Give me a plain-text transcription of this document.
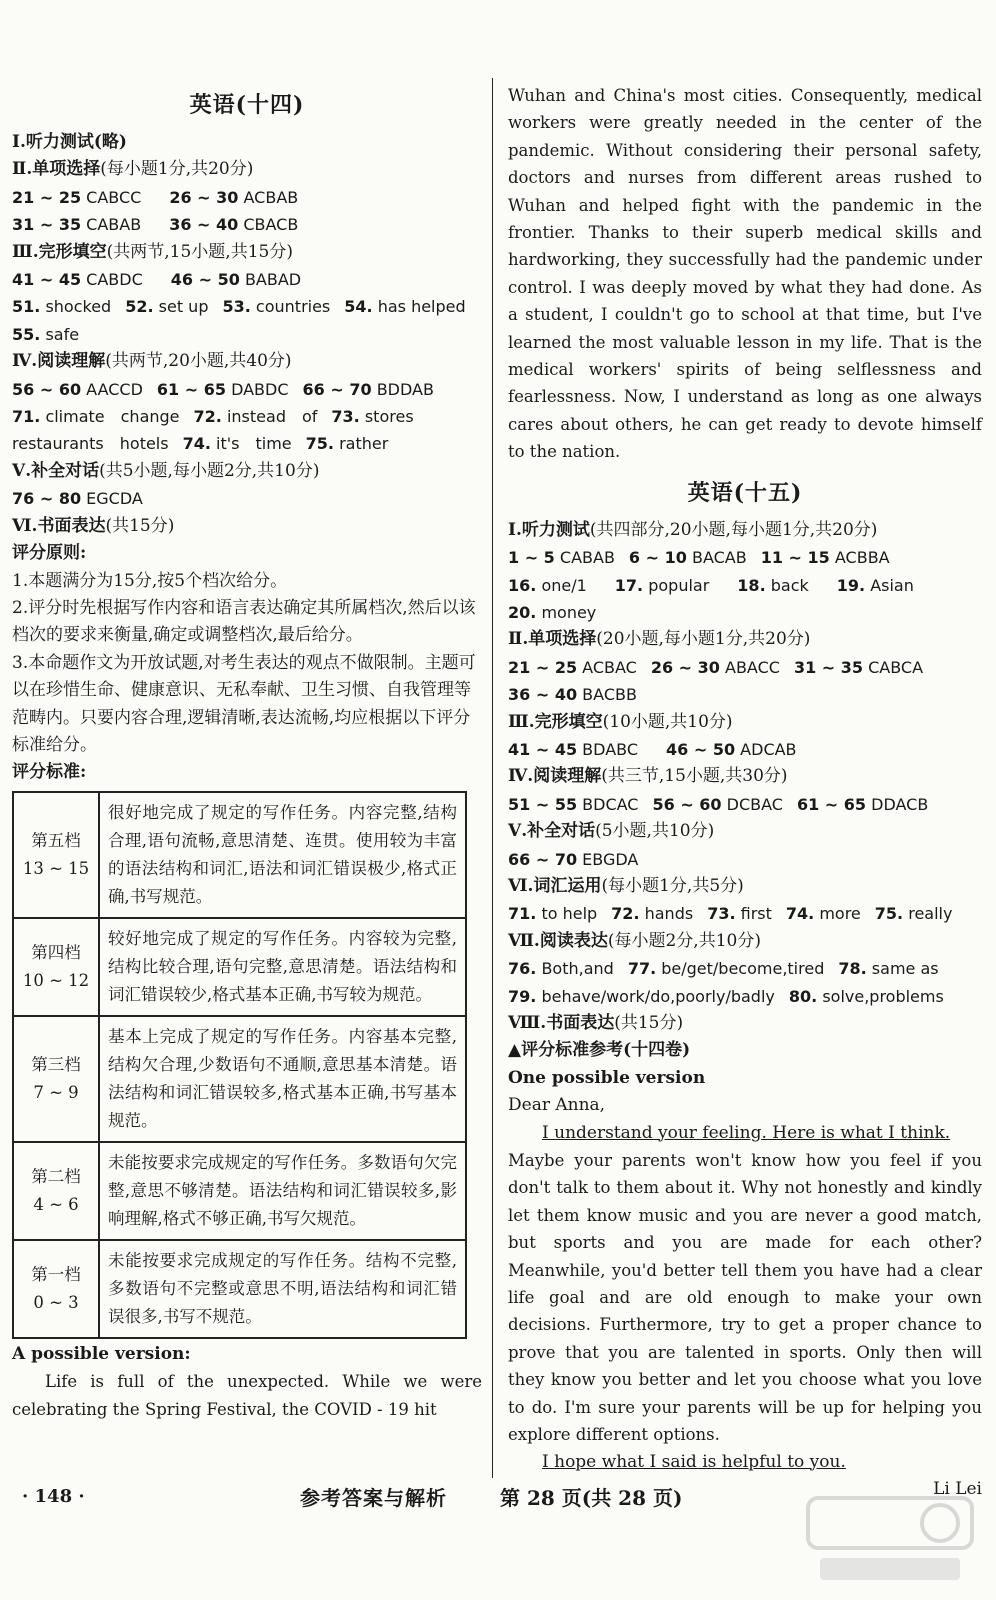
英语(十四)
Ⅰ.听力测试(略)
Ⅱ.单项选择(每小题1分,共20分)
21 ~ 25 CABCC 26 ~ 30 ACBAB
31 ~ 35 CABAB 36 ~ 40 CBACB
Ⅲ.完形填空(共两节,15小题,共15分)
41 ~ 45 CABDC 46 ~ 50 BABAD
51. shocked 52. set up 53. countries 54. has helped
55. safe
Ⅳ.阅读理解(共两节,20小题,共40分)
56 ~ 60 AACCD 61 ~ 65 DABDC 66 ~ 70 BDDAB
71. climate　change 72. instead　of 73. stores
restaurants　hotels 74. it's　time 75. rather
Ⅴ.补全对话(共5小题,每小题2分,共10分)
76 ~ 80 EGCDA
Ⅵ.书面表达(共15分)
评分原则:
1.本题满分为15分,按5个档次给分。
2.评分时先根据写作内容和语言表达确定其所属档次,然后以该档次的要求来衡量,确定或调整档次,最后给分。
3.本命题作文为开放试题,对考生表达的观点不做限制。主题可以在珍惜生命、健康意识、无私奉献、卫生习惯、自我管理等范畴内。只要内容合理,逻辑清晰,表达流畅,均应根据以下评分标准给分。
评分标准:
第五档
13 ~ 15	很好地完成了规定的写作任务。内容完整,结构合理,语句流畅,意思清楚、连贯。使用较为丰富的语法结构和词汇,语法和词汇错误极少,格式正确,书写规范。

第四档
10 ~ 12	较好地完成了规定的写作任务。内容较为完整,结构比较合理,语句完整,意思清楚。语法结构和词汇错误较少,格式基本正确,书写较为规范。

第三档
7 ~ 9	基本上完成了规定的写作任务。内容基本完整,结构欠合理,少数语句不通顺,意思基本清楚。语法结构和词汇错误较多,格式基本正确,书写基本规范。

第二档
4 ~ 6	未能按要求完成规定的写作任务。多数语句欠完整,意思不够清楚。语法结构和词汇错误较多,影响理解,格式不够正确,书写欠规范。

第一档
0 ~ 3	未能按要求完成规定的写作任务。结构不完整,多数语句不完整或意思不明,语法结构和词汇错误很多,书写不规范。
A possible version:
Life is full of the unexpected. While we were celebrating the Spring Festival, the COVID - 19 hit
Wuhan and China's most cities. Consequently, medical workers were greatly needed in the center of the pandemic. Without considering their personal safety, doctors and nurses from different areas rushed to Wuhan and helped fight with the pandemic in the frontier. Thanks to their superb medical skills and hardworking, they successfully had the pandemic under control. I was deeply moved by what they had done. As a student, I couldn't go to school at that time, but I've learned the most valuable lesson in my life. That is the medical workers' spirits of being selflessness and fearlessness. Now, I understand as long as one always cares about others, he can get ready to devote himself to the nation.
英语(十五)
Ⅰ.听力测试(共四部分,20小题,每小题1分,共20分)
1 ~ 5 CABAB 6 ~ 10 BACAB 11 ~ 15 ACBBA
16. one/1 17. popular 18. back 19. Asian
20. money
Ⅱ.单项选择(20小题,每小题1分,共20分)
21 ~ 25 ACBAC 26 ~ 30 ABACC 31 ~ 35 CABCA
36 ~ 40 BACBB
Ⅲ.完形填空(10小题,共10分)
41 ~ 45 BDABC 46 ~ 50 ADCAB
Ⅳ.阅读理解(共三节,15小题,共30分)
51 ~ 55 BDCAC 56 ~ 60 DCBAC 61 ~ 65 DDACB
Ⅴ.补全对话(5小题,共10分)
66 ~ 70 EBGDA
Ⅵ.词汇运用(每小题1分,共5分)
71. to help 72. hands 73. first 74. more 75. really
Ⅶ.阅读表达(每小题2分,共10分)
76. Both,and 77. be/get/become,tired 78. same as
79. behave/work/do,poorly/badly 80. solve,problems
Ⅷ.书面表达(共15分)
▲评分标准参考(十四卷)
One possible version
Dear Anna,
I understand your feeling. Here is what I think.
Maybe your parents won't know how you feel if you don't talk to them about it. Why not honestly and kindly let them know music and you are never a good match, but sports and you are made for each other? Meanwhile, you'd better tell them you have had a clear life goal and are old enough to make your own decisions. Furthermore, try to get a proper chance to prove that you are talented in sports. Only then will they know you better and let you choose what you love to do. I'm sure your parents will be up for helping you explore different options.
I hope what I said is helpful to you.
Li Lei
· 148 ·	参考答案与解析	第 28 页(共 28 页)
